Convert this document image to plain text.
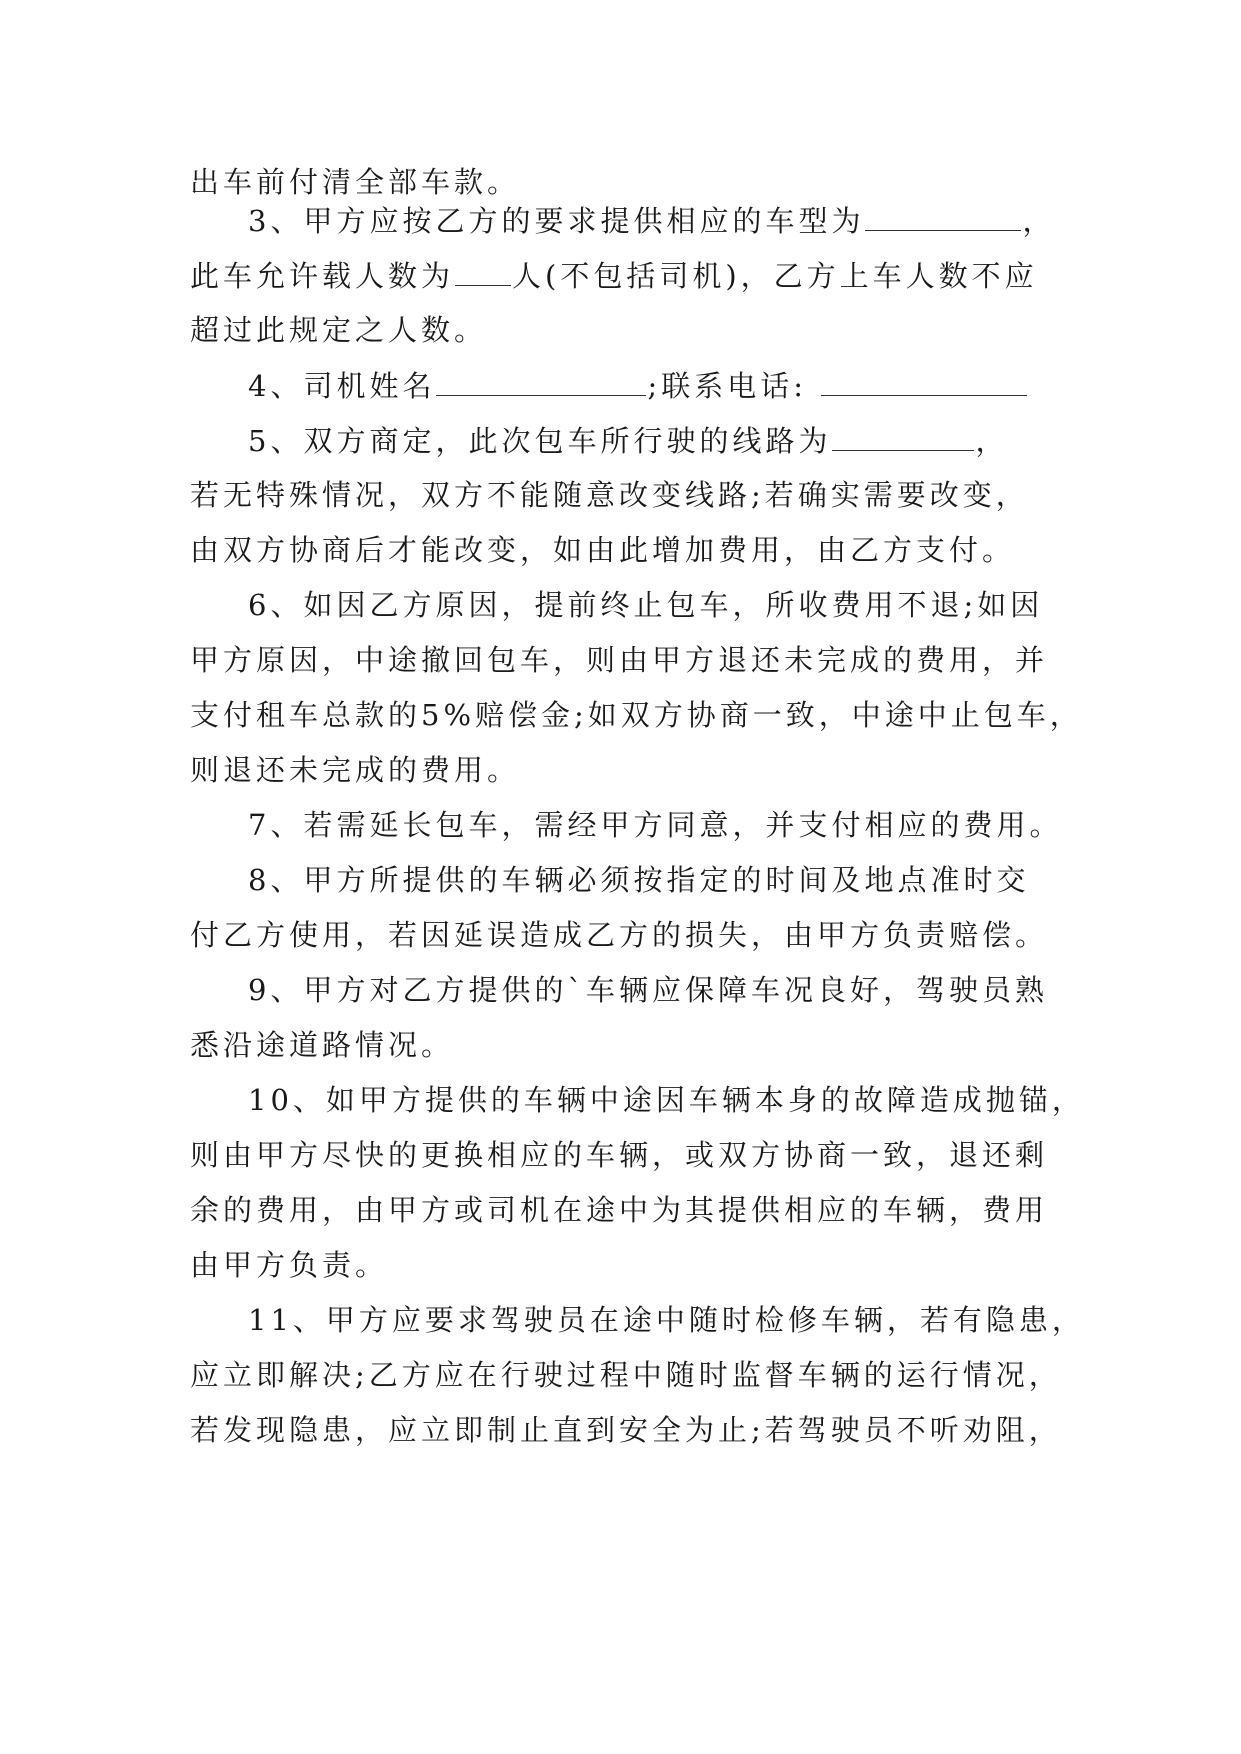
出车前付清全部车款。
3、甲方应按乙方的要求提供相应的车型为	，
此车允许载人数为 人(不包括司机)，乙方上车人数不应
超过此规定之人数。
4、司机姓名	;联系电话:
5、双方商定，此次包车所行驶的线路为	，
若无特殊情况，双方不能随意改变线路;若确实需要改变，
由双方协商后才能改变，如由此增加费用，由乙方支付。
6、如因乙方原因，提前终止包车，所收费用不退;如因
甲方原因，中途撤回包车，则由甲方退还未完成的费用，并
支付租车总款的5%赔偿金;如双方协商一致，中途中止包车，
则退还未完成的费用。
7、若需延长包车，需经甲方同意，并支付相应的费用。
8、甲方所提供的车辆必须按指定的时间及地点准时交
付乙方使用，若因延误造成乙方的损失，由甲方负责赔偿。
9、甲方对乙方提供的`车辆应保障车况良好，驾驶员熟
悉沿途道路情况。
10、如甲方提供的车辆中途因车辆本身的故障造成抛锚，
则由甲方尽快的更换相应的车辆，或双方协商一致，退还剩
余的费用，由甲方或司机在途中为其提供相应的车辆，费用
由甲方负责。
11、甲方应要求驾驶员在途中随时检修车辆，若有隐患，
应立即解决;乙方应在行驶过程中随时监督车辆的运行情况，
若发现隐患，应立即制止直到安全为止;若驾驶员不听劝阻，
